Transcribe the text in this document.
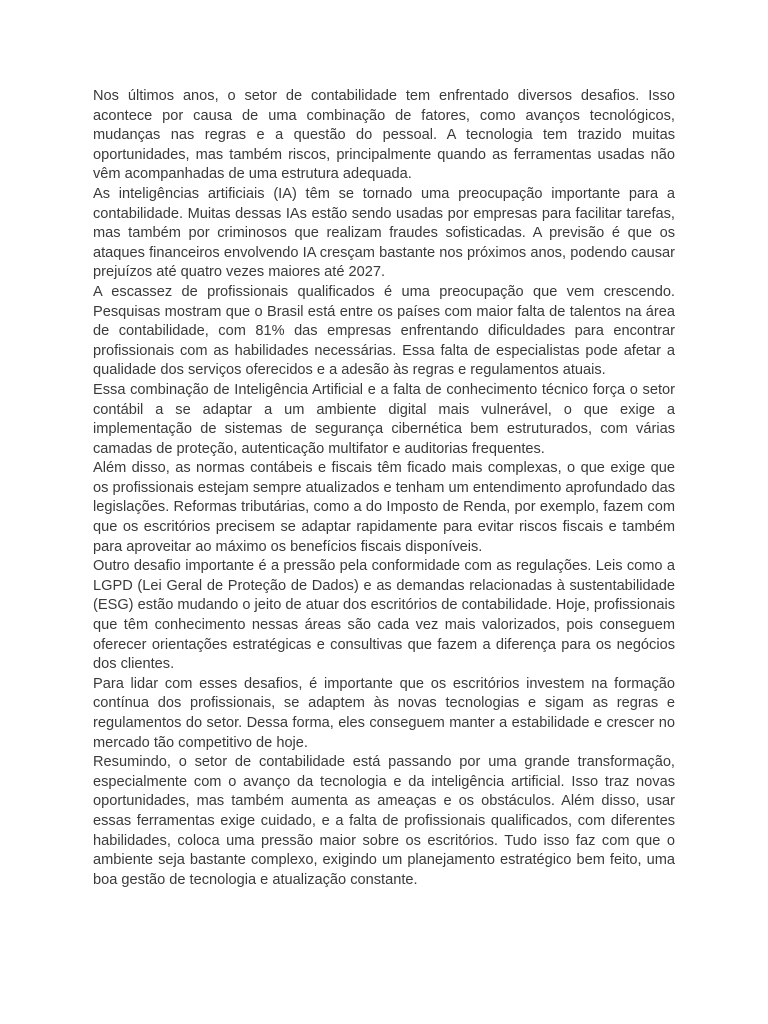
Nos últimos anos, o setor de contabilidade tem enfrentado diversos desafios. Isso acontece por causa de uma combinação de fatores, como avanços tecnológicos, mudanças nas regras e a questão do pessoal. A tecnologia tem trazido muitas oportunidades, mas também riscos, principalmente quando as ferramentas usadas não vêm acompanhadas de uma estrutura adequada.

As inteligências artificiais (IA) têm se tornado uma preocupação importante para a contabilidade. Muitas dessas IAs estão sendo usadas por empresas para facilitar tarefas, mas também por criminosos que realizam fraudes sofisticadas. A previsão é que os ataques financeiros envolvendo IA cresçam bastante nos próximos anos, podendo causar prejuízos até quatro vezes maiores até 2027.

A escassez de profissionais qualificados é uma preocupação que vem crescendo. Pesquisas mostram que o Brasil está entre os países com maior falta de talentos na área de contabilidade, com 81% das empresas enfrentando dificuldades para encontrar profissionais com as habilidades necessárias. Essa falta de especialistas pode afetar a qualidade dos serviços oferecidos e a adesão às regras e regulamentos atuais.

Essa combinação de Inteligência Artificial e a falta de conhecimento técnico força o setor contábil a se adaptar a um ambiente digital mais vulnerável, o que exige a implementação de sistemas de segurança cibernética bem estruturados, com várias camadas de proteção, autenticação multifator e auditorias frequentes.

Além disso, as normas contábeis e fiscais têm ficado mais complexas, o que exige que os profissionais estejam sempre atualizados e tenham um entendimento aprofundado das legislações. Reformas tributárias, como a do Imposto de Renda, por exemplo, fazem com que os escritórios precisem se adaptar rapidamente para evitar riscos fiscais e também para aproveitar ao máximo os benefícios fiscais disponíveis.

Outro desafio importante é a pressão pela conformidade com as regulações. Leis como a LGPD (Lei Geral de Proteção de Dados) e as demandas relacionadas à sustentabilidade (ESG) estão mudando o jeito de atuar dos escritórios de contabilidade. Hoje, profissionais que têm conhecimento nessas áreas são cada vez mais valorizados, pois conseguem oferecer orientações estratégicas e consultivas que fazem a diferença para os negócios dos clientes.

Para lidar com esses desafios, é importante que os escritórios investem na formação contínua dos profissionais, se adaptem às novas tecnologias e sigam as regras e regulamentos do setor. Dessa forma, eles conseguem manter a estabilidade e crescer no mercado tão competitivo de hoje.

Resumindo, o setor de contabilidade está passando por uma grande transformação, especialmente com o avanço da tecnologia e da inteligência artificial. Isso traz novas oportunidades, mas também aumenta as ameaças e os obstáculos. Além disso, usar essas ferramentas exige cuidado, e a falta de profissionais qualificados, com diferentes habilidades, coloca uma pressão maior sobre os escritórios. Tudo isso faz com que o ambiente seja bastante complexo, exigindo um planejamento estratégico bem feito, uma boa gestão de tecnologia e atualização constante.
